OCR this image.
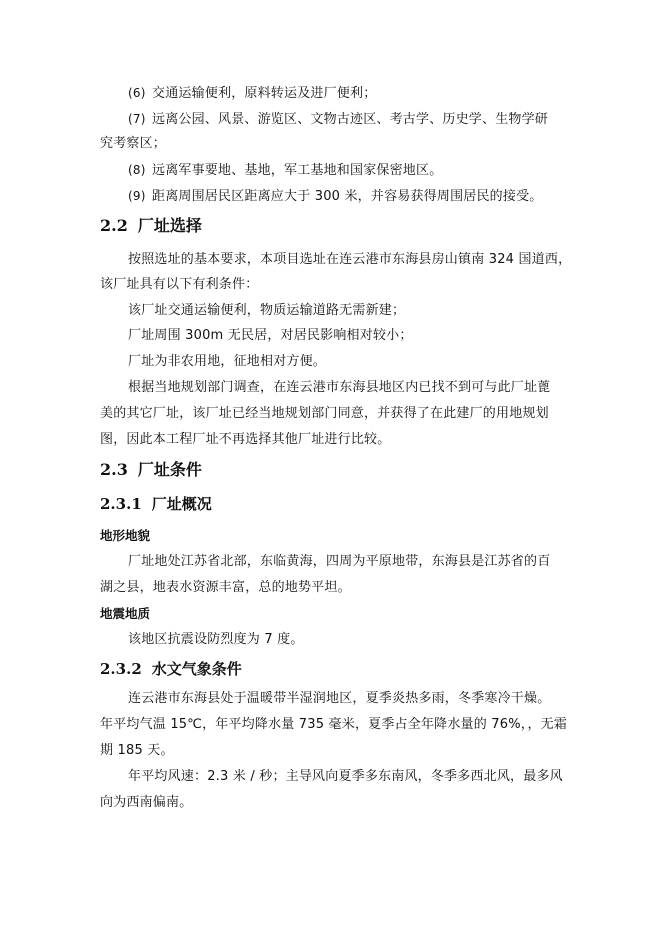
(6) 交通运输便利，原料转运及进厂便利；
(7) 远离公园、风景、游览区、文物古迹区、考古学、历史学、生物学研
究考察区；
(8) 远离军事要地、基地，军工基地和国家保密地区。
(9) 距离周围居民区距离应大于 300 米，并容易获得周围居民的接受。
2.2 厂址选择
按照选址的基本要求，本项目选址在连云港市东海县房山镇南 324 国道西，
该厂址具有以下有利条件：
该厂址交通运输便利，物质运输道路无需新建；
厂址周围 300m 无民居，对居民影响相对较小；
厂址为非农用地，征地相对方便。
根据当地规划部门调查，在连云港市东海县地区内已找不到可与此厂址蓖
美的其它厂址，该厂址已经当地规划部门同意，并获得了在此建厂的用地规划
图，因此本工程厂址不再选择其他厂址进行比较。
2.3 厂址条件
2.3.1 厂址概况
地形地貌
厂址地处江苏省北部，东临黄海，四周为平原地带，东海县是江苏省的百
湖之县，地表水资源丰富，总的地势平坦。
地震地质
该地区抗震设防烈度为 7 度。
2.3.2 水文气象条件
连云港市东海县处于温暖带半湿润地区，夏季炎热多雨，冬季寒冷干燥。
年平均气温 15℃，年平均降水量 735 毫米，夏季占全年降水量的 76%，，无霜
期 185 天。
年平均风速：2.3 米 / 秒；主导风向夏季多东南风，冬季多西北风，最多风
向为西南偏南。
